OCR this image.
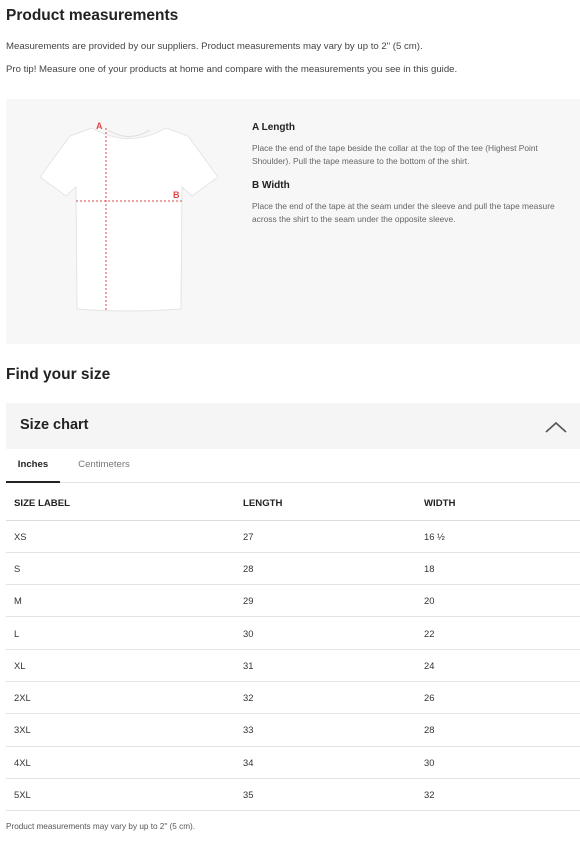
Product measurements
Measurements are provided by our suppliers. Product measurements may vary by up to 2" (5 cm).
Pro tip! Measure one of your products at home and compare with the measurements you see in this guide.
A
B
A Length
Place the end of the tape beside the collar at the top of the tee (Highest Point Shoulder). Pull the tape measure to the bottom of the shirt.
B Width
Place the end of the tape at the seam under the sleeve and pull the tape measure across the shirt to the seam under the opposite sleeve.
Find your size
Size chart
Inches	Centimeters
SIZE LABEL	LENGTH	WIDTH
XS	27	16 ½
S	28	18
M	29	20
L	30	22
XL	31	24
2XL	32	26
3XL	33	28
4XL	34	30
5XL	35	32
Product measurements may vary by up to 2" (5 cm).
